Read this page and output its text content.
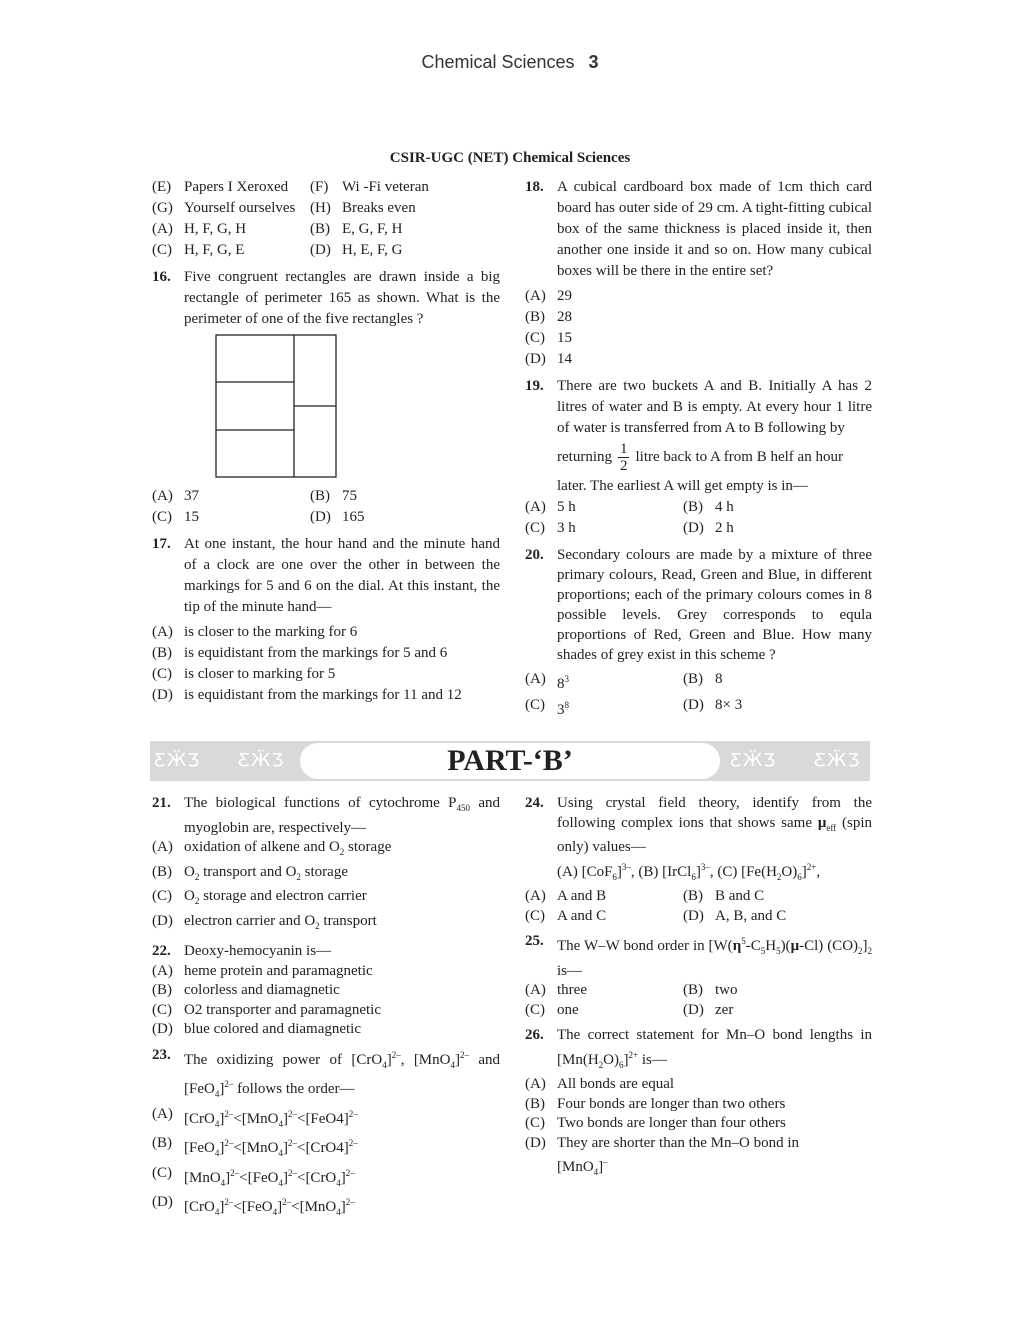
Chemical Sciences 3
CSIR-UGC (NET) Chemical Sciences
(E) Papers I Xeroxed	(F) Wi -Fi veteran
(G) Yourself ourselves (H) Breaks even
(A) H, F, G, H	(B) E, G, F, H
(C) H, F, G, E	(D) H, E, F, G
16. Five congruent rectangles are drawn inside a big rectangle of perimeter 165 as shown. What is the perimeter of one of the five rectangles ?
(A) 37	(B) 75
(C) 15	(D) 165
17. At one instant, the hour hand and the minute hand of a clock are one over the other in between the markings for 5 and 6 on the dial. At this instant, the tip of the minute hand—
(A) is closer to the marking for 6
(B) is equidistant from the markings for 5 and 6
(C) is closer to marking for 5
(D) is equidistant from the markings for 11 and 12
18. A cubical cardboard box made of 1cm thich card board has outer side of 29 cm. A tight-fitting cubical box of the same thickness is placed inside it, then another one inside it and so on. How many cubical boxes will be there in the entire set?
(A) 29
(B) 28
(C) 15
(D) 14
19. There are two buckets A and B. Initially A has 2 litres of water and B is empty. At every hour 1 litre of water is transferred from A to B following by
returning $\frac{1}{2}$ litre back to A from B helf an hour
later. The earliest A will get empty is in—
(A) 5 h	(B) 4 h
(C) 3 h	(D) 2 h
20. Secondary colours are made by a mixture of three primary colours, Read, Green and Blue, in different proportions; each of the primary colours comes in 8 possible levels. Grey corresponds to equla proportions of Red, Green and Blue. How many shades of grey exist in this scheme ?
(A) $8^3$	(B) 8
(C) $3^8$	(D) 8× 3
ƸӜƷ ƸӜƷ	PART-‘B’	ƸӜƷ ƸӜƷ
21. The biological functions of cytochrome $P_{450}$ and myoglobin are, respectively—
(A) oxidation of alkene and $O_2$ storage
(B) $O_2$ transport and $O_2$ storage
(C) $O_2$ storage and electron carrier
(D) electron carrier and $O_2$ transport
22. Deoxy-hemocyanin is—
(A) heme protein and paramagnetic
(B) colorless and diamagnetic
(C) O2 transporter and paramagnetic
(D) blue colored and diamagnetic
23. The oxidizing power of $[CrO_4]^{2-}$, $[MnO_4]^{2-}$ and $[FeO_4]^{2-}$ follows the order—
(A) $[CrO_4]^{2-}<[MnO_4]^{2-}<[FeO4]^{2-}$
(B) $[FeO_4]^{2-}<[MnO_4]^{2-}<[CrO4]^{2-}$
(C) $[MnO_4]^{2-}<[FeO_4]^{2-}<[CrO_4]^{2-}$
(D) $[CrO_4]^{2-}<[FeO_4]^{2-}<[MnO_4]^{2-}$
24. Using crystal field theory, identify from the following complex ions that shows same $\mu_{eff}$ (spin only) values—
(A) $[CoF_6]^{3-}$, (B) [IrCl$_6$]$^{3-}$, (C) $[Fe(H_2O)_6]^{2+}$,
(A) A and B	(B) B and C
(C) A and C	(D) A, B, and C
25. The W–W bond order in [$W(\eta^5-C_5H_5)(\mu-Cl)$ $(CO)_2]_2$ is—
(A) three	(B) two
(C) one	(D) zer
26. The correct statement for Mn–O bond lengths in $[Mn(H_2O)_6]^{2+}$ is—
(A) All bonds are equal
(B) Four bonds are longer than two others
(C) Two bonds are longer than four others
(D) They are shorter than the Mn–O bond in
[MnO$_4$]–
